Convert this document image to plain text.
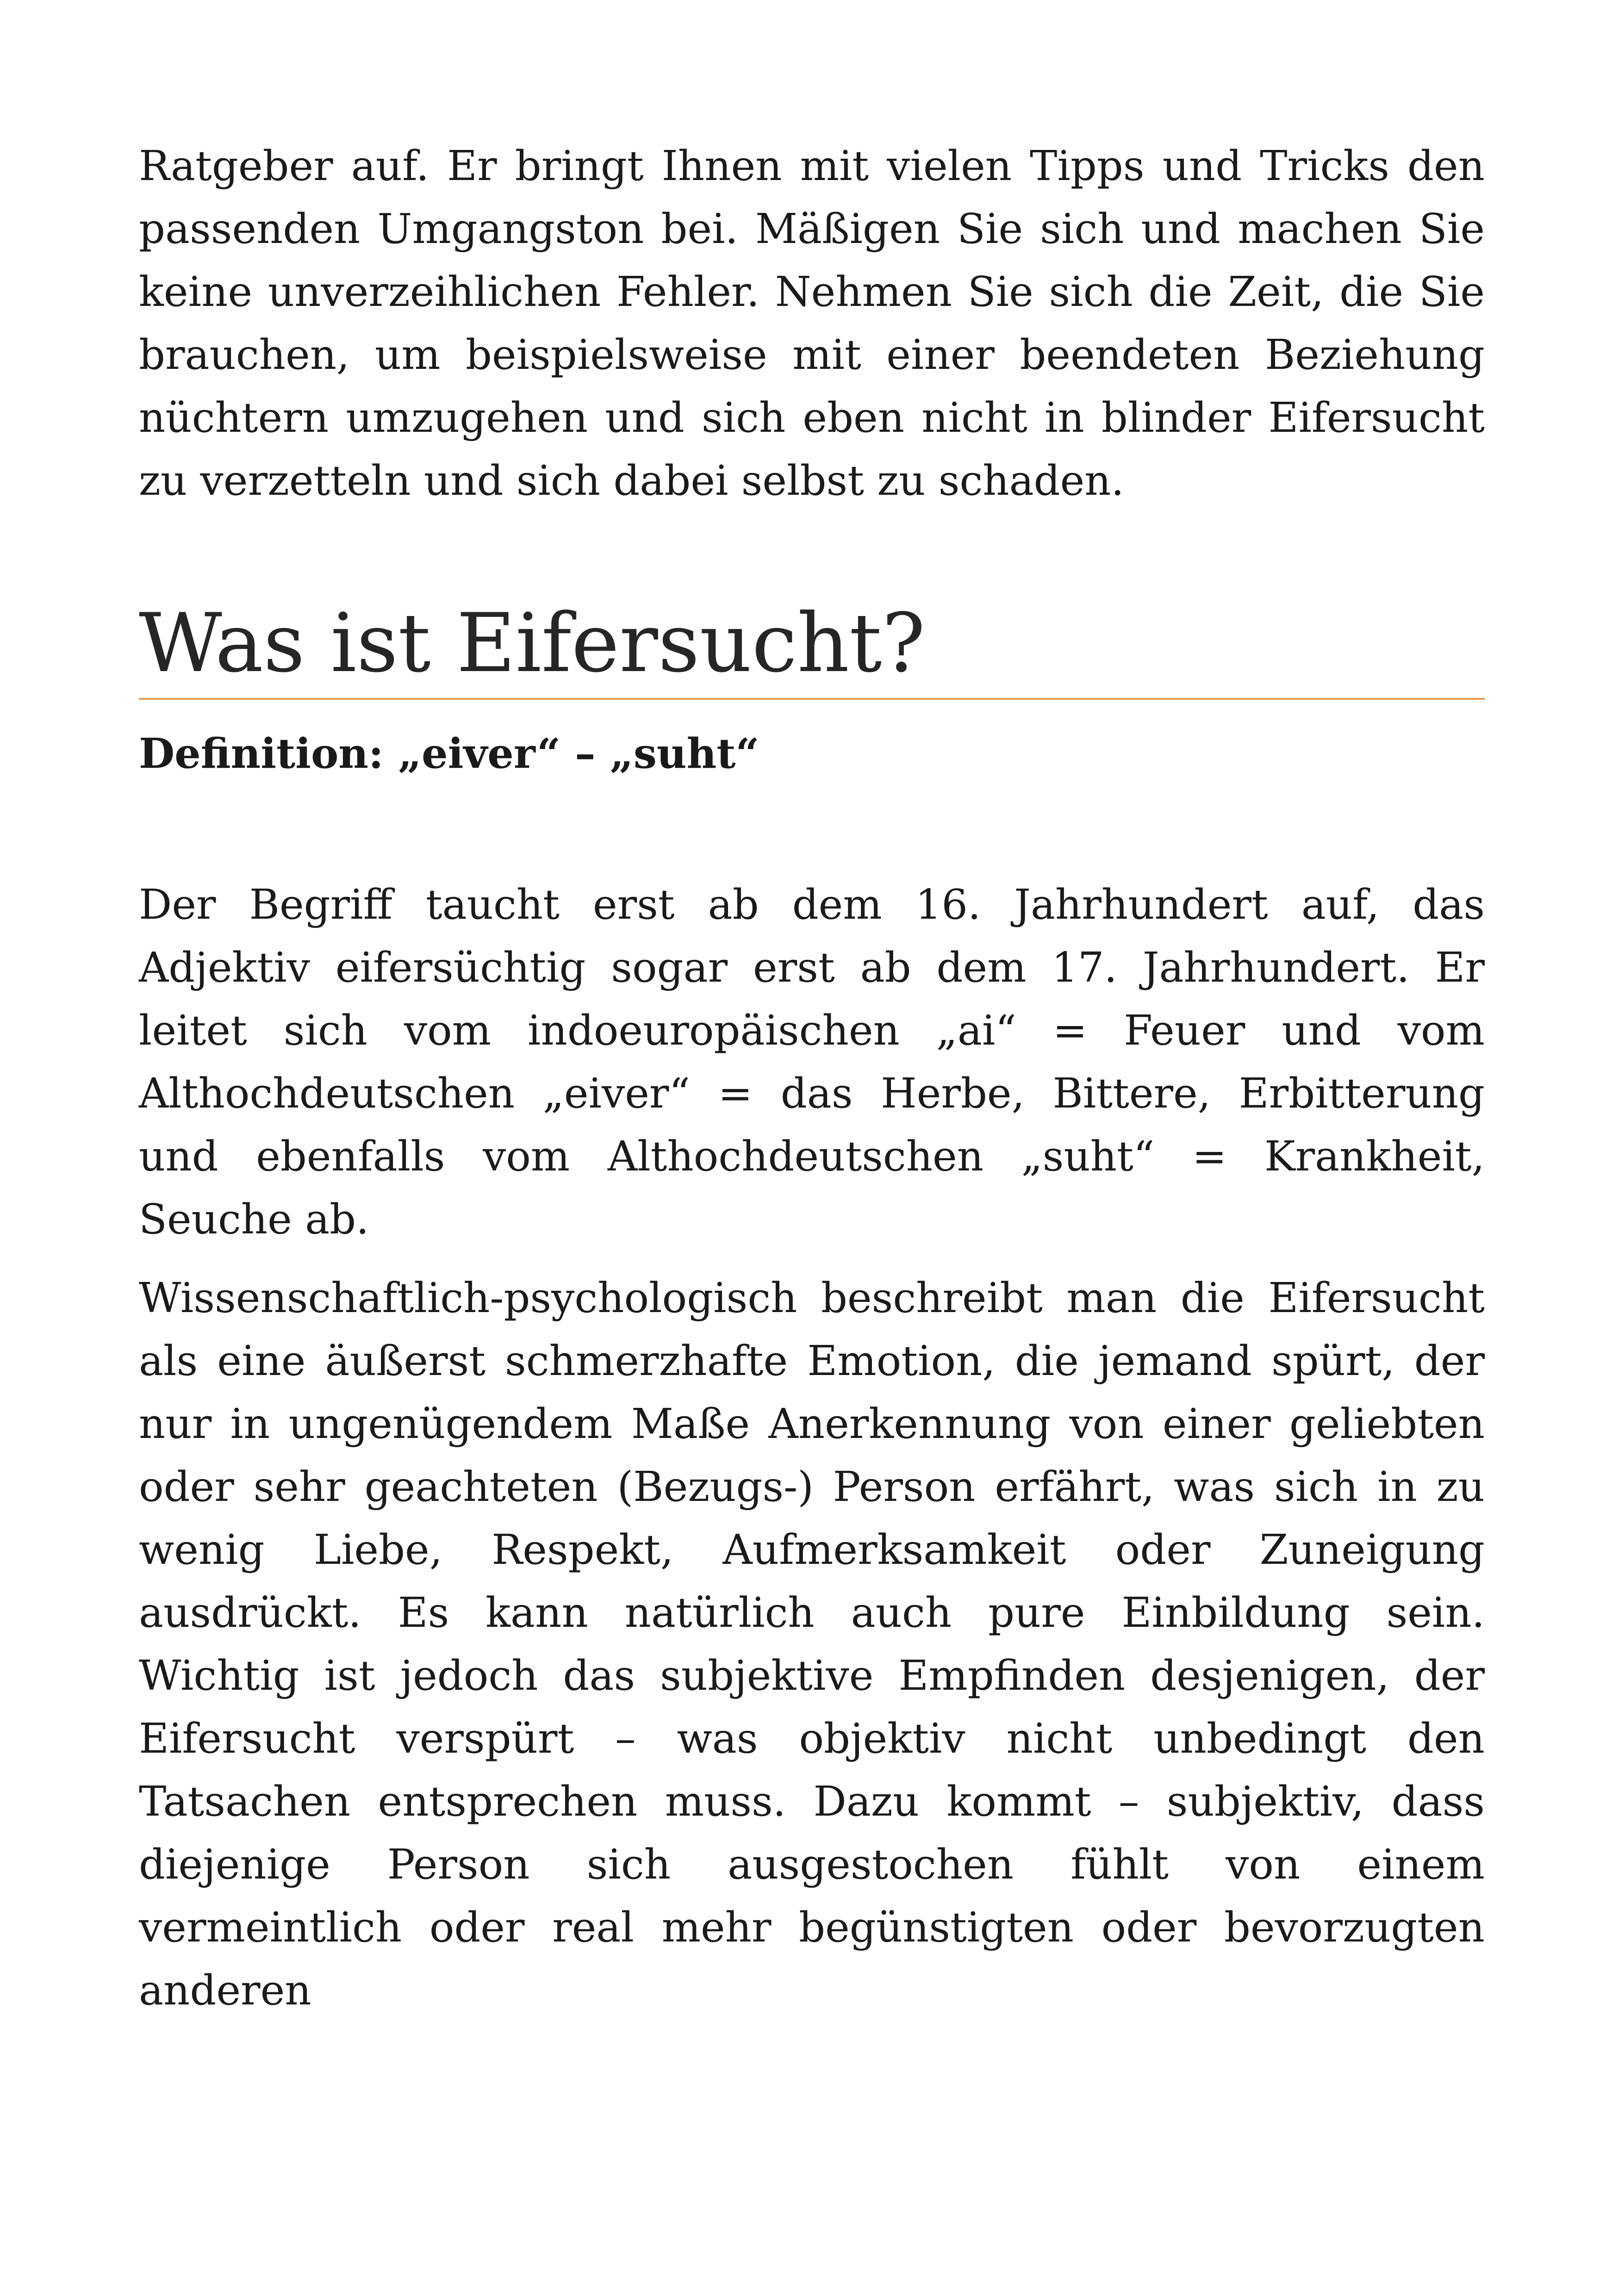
Ratgeber auf. Er bringt Ihnen mit vielen Tipps und Tricks den passenden Umgangston bei. Mäßigen Sie sich und machen Sie keine unverzeihlichen Fehler. Nehmen Sie sich die Zeit, die Sie brauchen, um beispielsweise mit einer beendeten Beziehung nüchtern umzugehen und sich eben nicht in blinder Eifersucht zu verzetteln und sich dabei selbst zu schaden.

Was ist Eifersucht?
Definition: „eiver“ – „suht“

Der Begriff taucht erst ab dem 16. Jahrhundert auf, das Adjektiv eifersüchtig sogar erst ab dem 17. Jahrhundert. Er leitet sich vom indoeuropäischen „ai“ = Feuer und vom Althochdeutschen „eiver“ = das Herbe, Bittere, Erbitterung und ebenfalls vom Althochdeutschen „suht“ = Krankheit, Seuche ab.

Wissenschaftlich-psychologisch beschreibt man die Eifersucht als eine äußerst schmerzhafte Emotion, die jemand spürt, der nur in ungenügendem Maße Anerkennung von einer geliebten oder sehr geachteten (Bezugs-) Person erfährt, was sich in zu wenig Liebe, Respekt, Aufmerksamkeit oder Zuneigung ausdrückt. Es kann natürlich auch pure Einbildung sein. Wichtig ist jedoch das subjektive Empfinden desjenigen, der Eifersucht verspürt – was objektiv nicht unbedingt den Tatsachen entsprechen muss. Dazu kommt – subjektiv, dass diejenige Person sich ausgestochen fühlt von einem vermeintlich oder real mehr begünstigten oder bevorzugten anderen
